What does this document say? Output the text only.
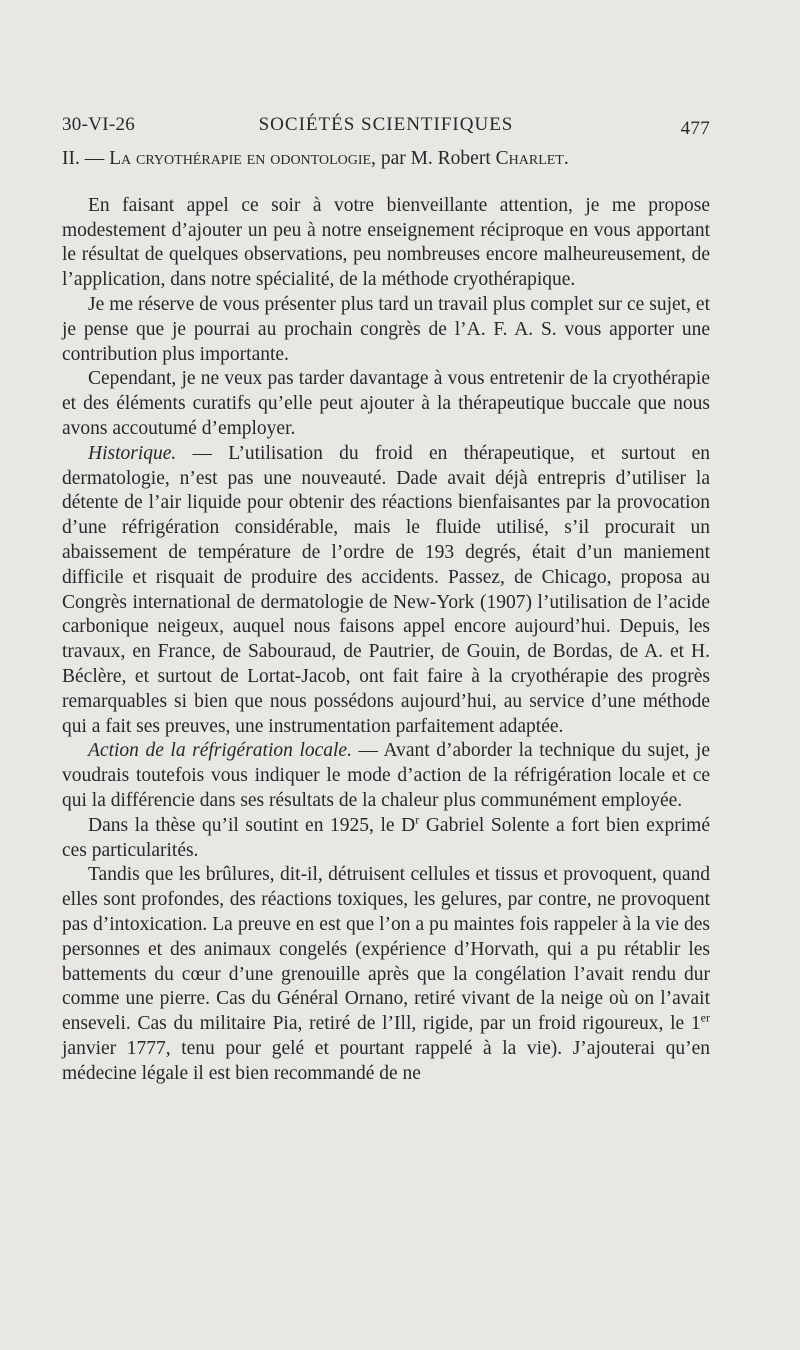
30-VI-26	SOCIÉTÉS SCIENTIFIQUES	477

II. — La cryothérapie en odontologie, par M. Robert Charlet.

En faisant appel ce soir à votre bienveillante attention, je me propose modestement d’ajouter un peu à notre enseignement réciproque en vous apportant le résultat de quelques observations, peu nombreuses encore malheureusement, de l’application, dans notre spécialité, de la méthode cryothérapique.

Je me réserve de vous présenter plus tard un travail plus complet sur ce sujet, et je pense que je pourrai au prochain congrès de l’A. F. A. S. vous apporter une contribution plus importante.

Cependant, je ne veux pas tarder davantage à vous entretenir de la cryothérapie et des éléments curatifs qu’elle peut ajouter à la thérapeutique buccale que nous avons accoutumé d’employer.

Historique. — L’utilisation du froid en thérapeutique, et surtout en dermatologie, n’est pas une nouveauté. Dade avait déjà entrepris d’utiliser la détente de l’air liquide pour obtenir des réactions bienfaisantes par la provocation d’une réfrigération considérable, mais le fluide utilisé, s’il procurait un abaissement de température de l’ordre de 193 degrés, était d’un maniement difficile et risquait de produire des accidents. Passez, de Chicago, proposa au Congrès international de dermatologie de New-York (1907) l’utilisation de l’acide carbonique neigeux, auquel nous faisons appel encore aujourd’hui. Depuis, les travaux, en France, de Sabouraud, de Pautrier, de Gouin, de Bordas, de A. et H. Béclère, et surtout de Lortat-Jacob, ont fait faire à la cryothérapie des progrès remarquables si bien que nous possédons aujourd’hui, au service d’une méthode qui a fait ses preuves, une instrumentation parfaitement adaptée.

Action de la réfrigération locale. — Avant d’aborder la technique du sujet, je voudrais toutefois vous indiquer le mode d’action de la réfrigération locale et ce qui la différencie dans ses résultats de la chaleur plus communément employée.

Dans la thèse qu’il soutint en 1925, le $D^r$ Gabriel Solente a fort bien exprimé ces particularités.

Tandis que les brûlures, dit-il, détruisent cellules et tissus et provoquent, quand elles sont profondes, des réactions toxiques, les gelures, par contre, ne provoquent pas d’intoxication. La preuve en est que l’on a pu maintes fois rappeler à la vie des personnes et des animaux congelés (expérience d’Horvath, qui a pu rétablir les battements du cœur d’une grenouille après que la congélation l’avait rendu dur comme une pierre. Cas du Général Ornano, retiré vivant de la neige où on l’avait enseveli. Cas du militaire Pia, retiré de l’Ill, rigide, par un froid rigoureux, le 1er janvier 1777, tenu pour gelé et pourtant rappelé à la vie). J’ajouterai qu’en médecine légale il est bien recommandé de ne
